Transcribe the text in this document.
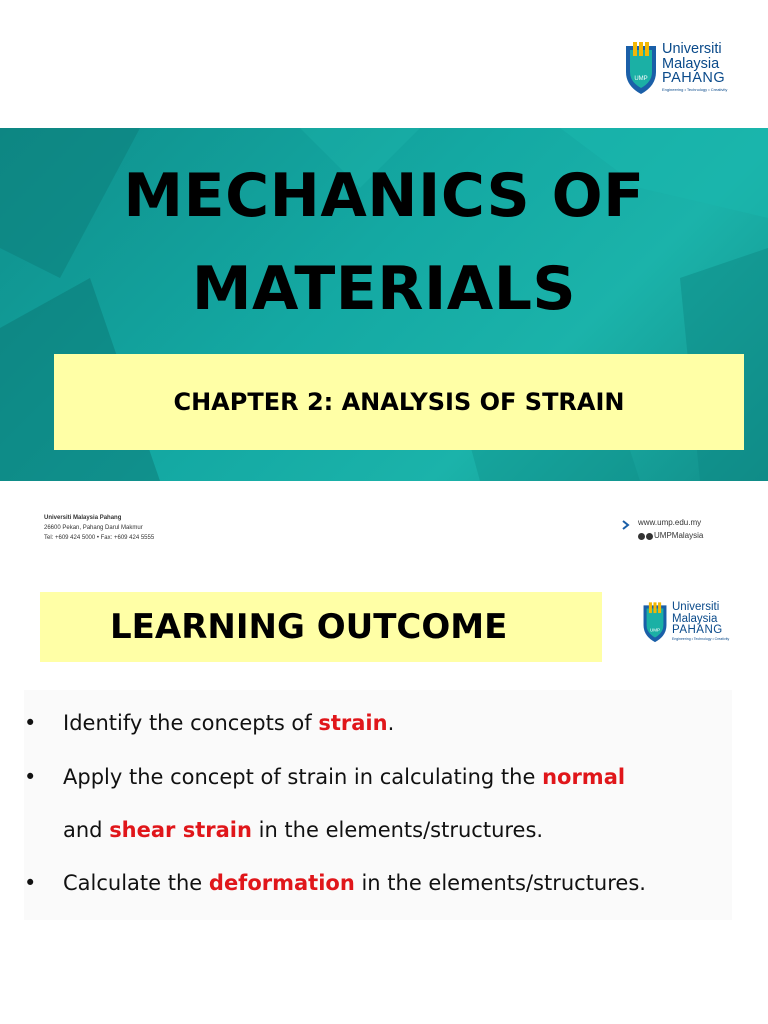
UMP
Universiti
Malaysia
PAHANG
Engineering • Technology • Creativity
MECHANICS OF
MATERIALS
CHAPTER 2: ANALYSIS OF STRAIN
Universiti Malaysia Pahang
26600 Pekan, Pahang Darul Makmur
Tel: +609 424 5000 • Fax: +609 424 5555
www.ump.edu.my
UMPMalaysia
LEARNING OUTCOME	UMP
Universiti
Malaysia
PAHANG
Engineering • Technology • Creativity
• Identify the concepts of strain.
• Apply the concept of strain in calculating the normal
and shear strain in the elements/structures.
• Calculate the deformation in the elements/structures.
